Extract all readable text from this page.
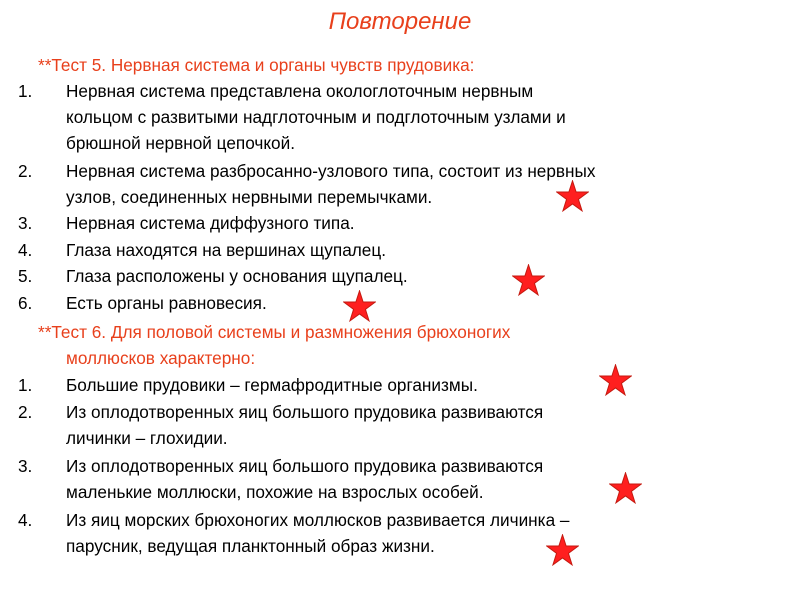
Повторение
**Тест 5. Нервная система и органы чувств прудовика:
1. Нервная система представлена окологлоточным нервным
кольцом с развитыми надглоточным и подглоточным узлами и
брюшной нервной цепочкой.
2. Нервная система разбросанно-узлового типа, состоит из нервных
узлов, соединенных нервными перемычками.
3. Нервная система диффузного типа.
4. Глаза находятся на вершинах щупалец.
5. Глаза расположены у основания щупалец.
6. Есть органы равновесия.
**Тест 6. Для половой системы и размножения брюхоногих
моллюсков характерно:
1. Большие прудовики – гермафродитные организмы.
2. Из оплодотворенных яиц большого прудовика развиваются
личинки – глохидии.
3. Из оплодотворенных яиц большого прудовика развиваются
маленькие моллюски, похожие на взрослых особей.
4. Из яиц морских брюхоногих моллюсков развивается личинка –
парусник, ведущая планктонный образ жизни.
